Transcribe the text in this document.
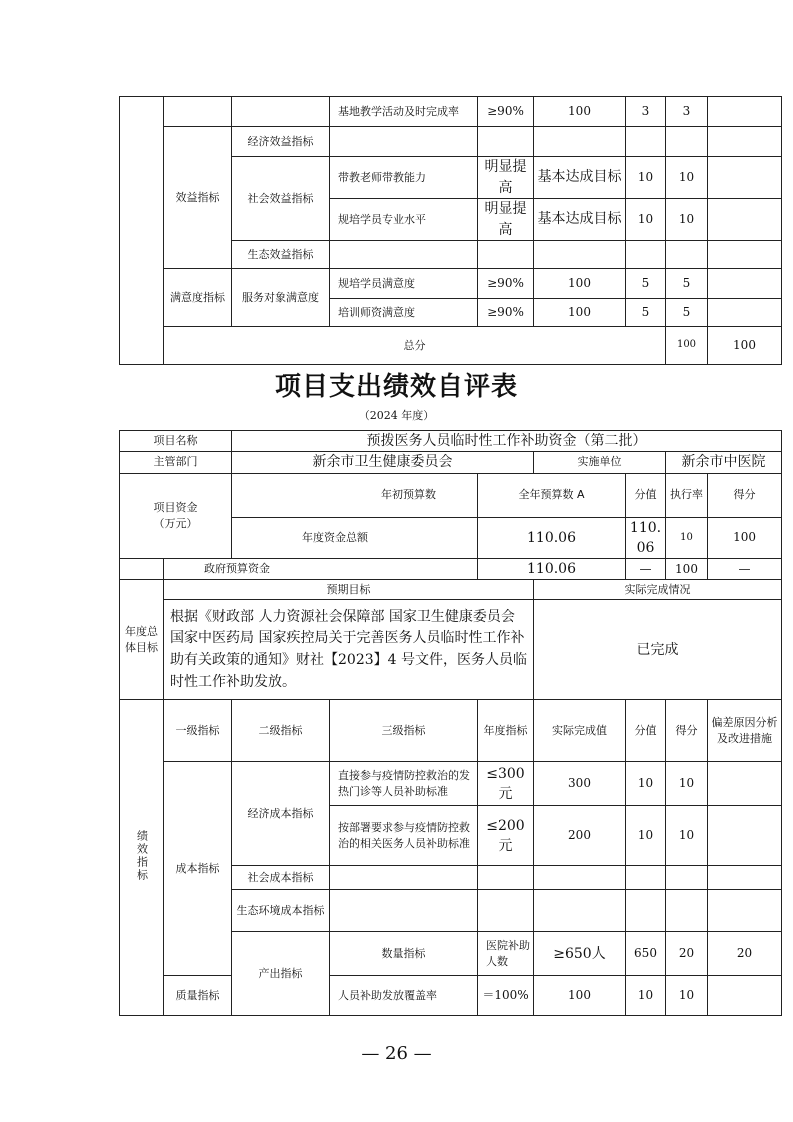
			基地教学活动及时完成率	≥90%	100	3	3		
	效益指标	经济效益指标							
		社会效益指标	带教老师带教能力	明显提高	基本达成目标	10	10		
			规培学员专业水平	明显提高	基本达成目标	10	10		
		生态效益指标							
	满意度指标	服务对象满意度	规培学员满意度	≥90%	100	5	5		
			培训师资满意度	≥90%	100	5	5		
	总分						100	100	
项目支出绩效自评表
（2024 年度）
项目名称		预拨医务人员临时性工作补助资金（第二批）							
主管部门		新余市卫生健康委员会			实施单位		新余市中医院		
项目资金
（万元）		年初预算数		全年预算数 A		分值	执行率	得分	
		年度资金总额		110.06		110.06	10	100	
	政府预算资金			110.06		—	100	—	
年度总体目标	预期目标				实际完成情况				
	根据《财政部 人力资源社会保障部 国家卫生健康委员会 国家中医药局 国家疾控局关于完善医务人员临时性工作补助有关政策的通知》财社【2023】4 号文件，医务人员临时性工作补助发放。				已完成				
绩效指标	一级指标	二级指标	三级指标	年度指标	实际完成值	分值	得分	偏差原因分析及改进措施	
	成本指标	经济成本指标	直接参与疫情防控救治的发热门诊等人员补助标准	≤300元	300	10	10		
			按部署要求参与疫情防控救治的相关医务人员补助标准	≤200元	200	10	10		
		社会成本指标							
		生态环境成本指标							
		产出指标	数量指标	医院补助人数	≥650人	650	20	20	
	质量指标		人员补助发放覆盖率	＝100%	100	10	10		
— 26 —
